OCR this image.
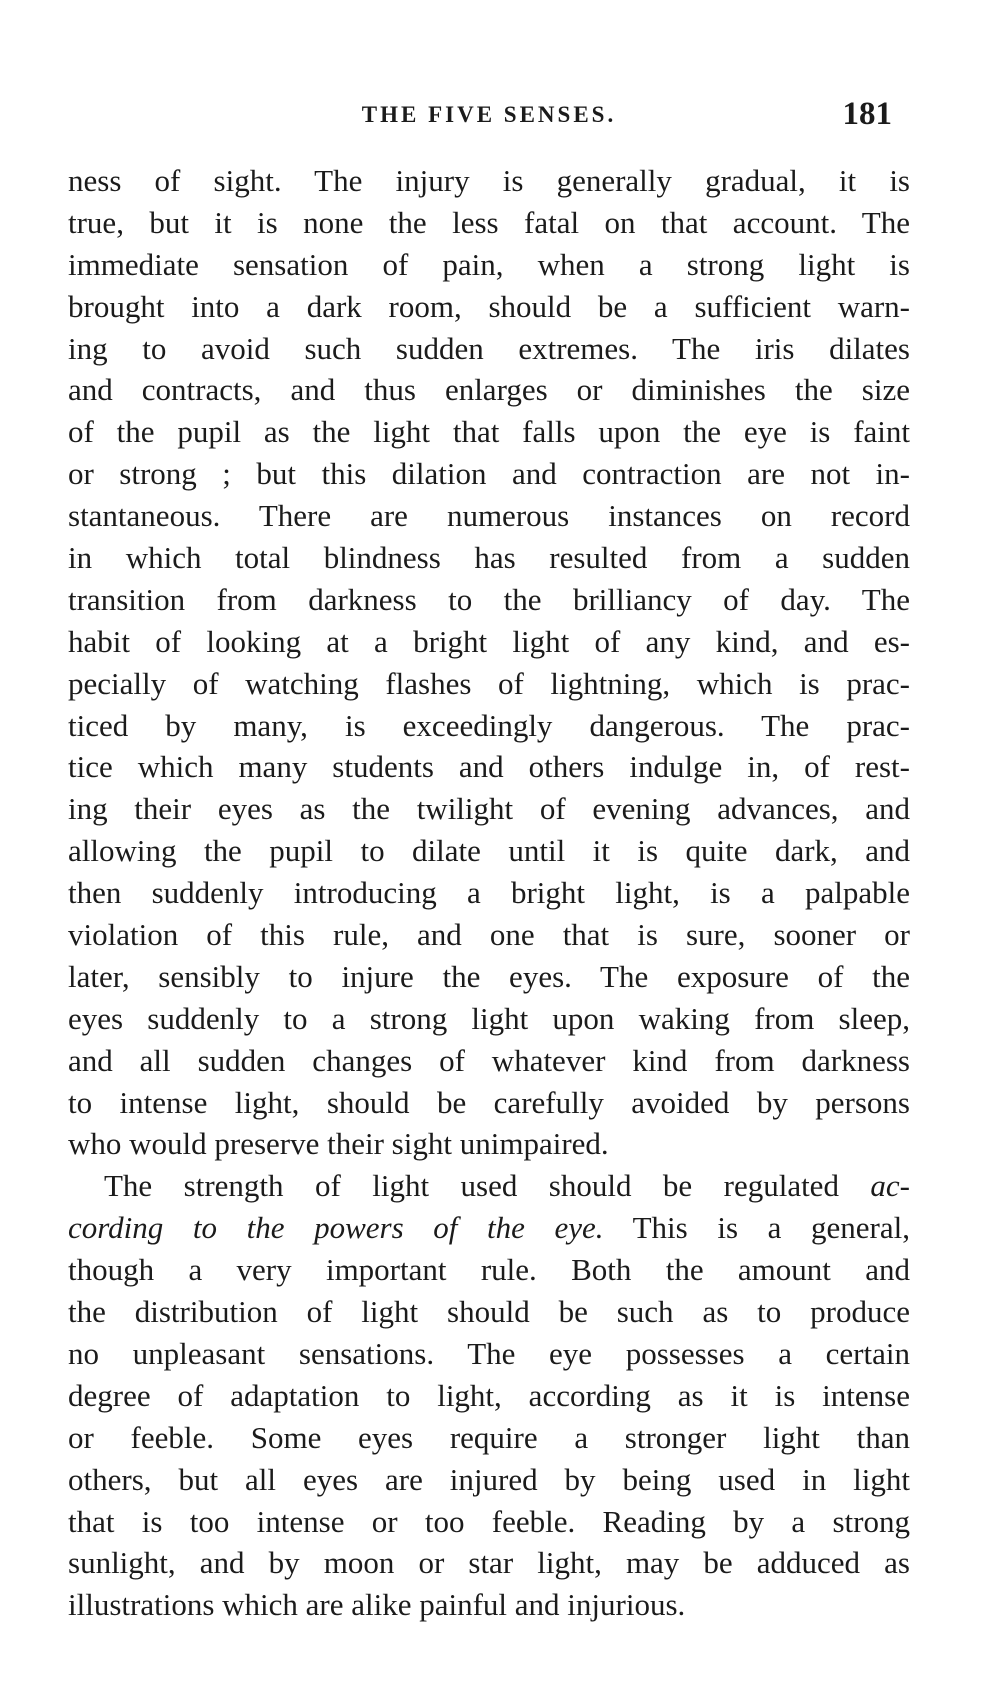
THE FIVE SENSES.	181
ness of sight. The injury is generally gradual, it is
true, but it is none the less fatal on that account. The
immediate sensation of pain, when a strong light is
brought into a dark room, should be a sufficient warn-
ing to avoid such sudden extremes. The iris dilates
and contracts, and thus enlarges or diminishes the size
of the pupil as the light that falls upon the eye is faint
or strong ; but this dilation and contraction are not in-
stantaneous. There are numerous instances on record
in which total blindness has resulted from a sudden
transition from darkness to the brilliancy of day. The
habit of looking at a bright light of any kind, and es-
pecially of watching flashes of lightning, which is prac-
ticed by many, is exceedingly dangerous. The prac-
tice which many students and others indulge in, of rest-
ing their eyes as the twilight of evening advances, and
allowing the pupil to dilate until it is quite dark, and
then suddenly introducing a bright light, is a palpable
violation of this rule, and one that is sure, sooner or
later, sensibly to injure the eyes. The exposure of the
eyes suddenly to a strong light upon waking from sleep,
and all sudden changes of whatever kind from darkness
to intense light, should be carefully avoided by persons
who would preserve their sight unimpaired.
The strength of light used should be regulated ac-
cording to the powers of the eye. This is a general,
though a very important rule. Both the amount and
the distribution of light should be such as to produce
no unpleasant sensations. The eye possesses a certain
degree of adaptation to light, according as it is intense
or feeble. Some eyes require a stronger light than
others, but all eyes are injured by being used in light
that is too intense or too feeble. Reading by a strong
sunlight, and by moon or star light, may be adduced as
illustrations which are alike painful and injurious.
